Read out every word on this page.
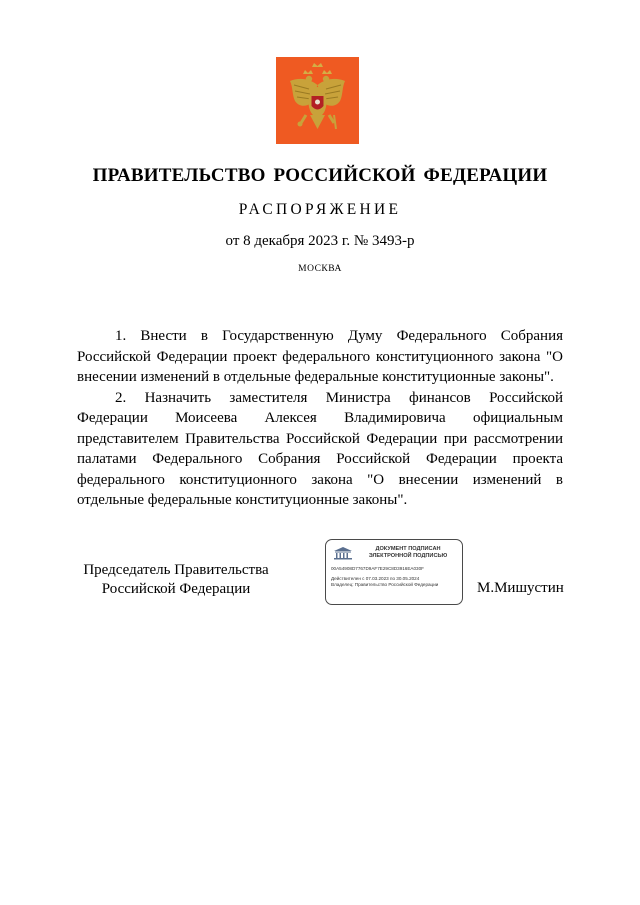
ПРАВИТЕЛЬСТВО РОССИЙСКОЙ ФЕДЕРАЦИИ
РАСПОРЯЖЕНИЕ
от 8 декабря 2023 г. № 3493-р
МОСКВА

1. Внести в Государственную Думу Федерального Собрания Российской Федерации проект федерального конституционного закона "О внесении изменений в отдельные федеральные конституционные законы".

2. Назначить заместителя Министра финансов Российской Федерации Моисеева Алексея Владимировича официальным представителем Правительства Российской Федерации при рассмотрении палатами Федерального Собрания Российской Федерации проекта федерального конституционного закона "О внесении изменений в отдельные федеральные конституционные законы".

Председатель Правительства
Российской Федерации
ДОКУМЕНТ ПОДПИСАН
ЭЛЕКТРОННОЙ ПОДПИСЬЮ
00A54908D7767D9AF7E29C8D3916EA030F
Действителен с 07.03.2023 по 30.05.2024
Владелец: Правительство Российской Федерации	М.Мишустин
